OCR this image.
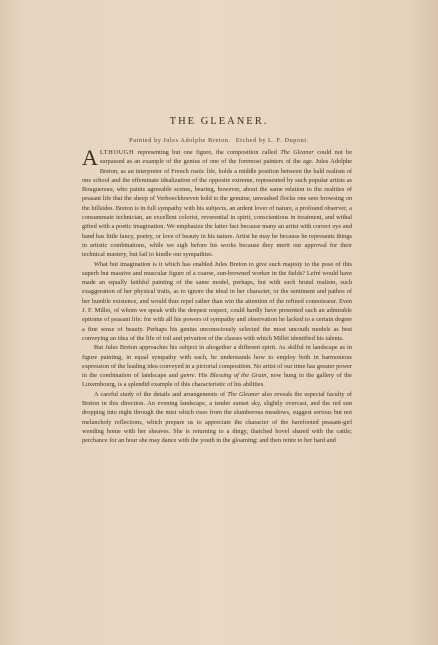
THE GLEANER.
Painted by Jules Adolphe Breton. Etched by L. F. Dupont.

ALTHOUGH representing but one figure, the composition called The Gleaner could not be surpassed as an example of the genius of one of the foremost painters of the age. Jules Adolphe Breton, as an interpreter of French rustic life, holds a middle position between the bald realism of one school and the effeminate idealization of the opposite extreme, represented by such popular artists as Bouguereau, who paints agreeable scenes, bearing, however, about the same relation to the realities of peasant life that the sheep of Verboeckhoeven hold to the genuine, unwashed flocks one sees browsing on the hillsides. Breton is in full sympathy with his subjects, an ardent lover of nature, a profound observer, a consummate technician, an excellent colorist, reverential in spirit, conscientious in treatment, and withal gifted with a poetic imagination. We emphasize the latter fact because many an artist with correct eye and hand has little fancy, poetry, or love of beauty in his nature. Artist he may be because he represents things in artistic combinations, while we sigh before his works because they merit our approval for their technical mastery, but fail to kindle our sympathies.

What but imagination is it which has enabled Jules Breton to give such majesty to the pose of this superb but massive and muscular figure of a coarse, sun-browned worker in the fields? Lefré would have made an equally faithful painting of the same model, perhaps, but with such brutal realism, such exaggeration of her physical traits, as to ignore the ideal in her character, or the sentiment and pathos of her humble existence, and would thus repel rather than win the attention of the refined connoisseur. Even J. F. Millet, of whom we speak with the deepest respect, could hardly have presented such an admirable epitome of peasant life: for with all his powers of sympathy and observation he lacked to a certain degree a fine sense of beauty. Perhaps his genius unconsciously selected the most uncouth models as best conveying an idea of the life of toil and privation of the classes with which Millet identified his talents.

But Jules Breton approaches his subject in altogether a different spirit. As skilful in landscape as in figure painting, in equal sympathy with each, he understands how to employ both in harmonious expression of the leading idea conveyed in a pictorial composition. No artist of our time has greater power in the combination of landscape and genre. His Blessing of the Grain, now hung in the gallery of the Luxembourg, is a splendid example of this characteristic of his abilities.

A careful study of the details and arrangements of The Gleaner also reveals the especial faculty of Breton in this direction. An evening landscape, a tender sunset sky, slightly overcast, and the red sun dropping into night through the mist which rises from the slumberous meadows, suggest serious but not melancholy reflections, which prepare us to appreciate the character of the barefooted peasant-girl wending home with her sheaves. She is returning to a dingy, thatched hovel shared with the cattle; perchance for an hour she may dance with the youth in the gloaming; and then retire to her hard and
